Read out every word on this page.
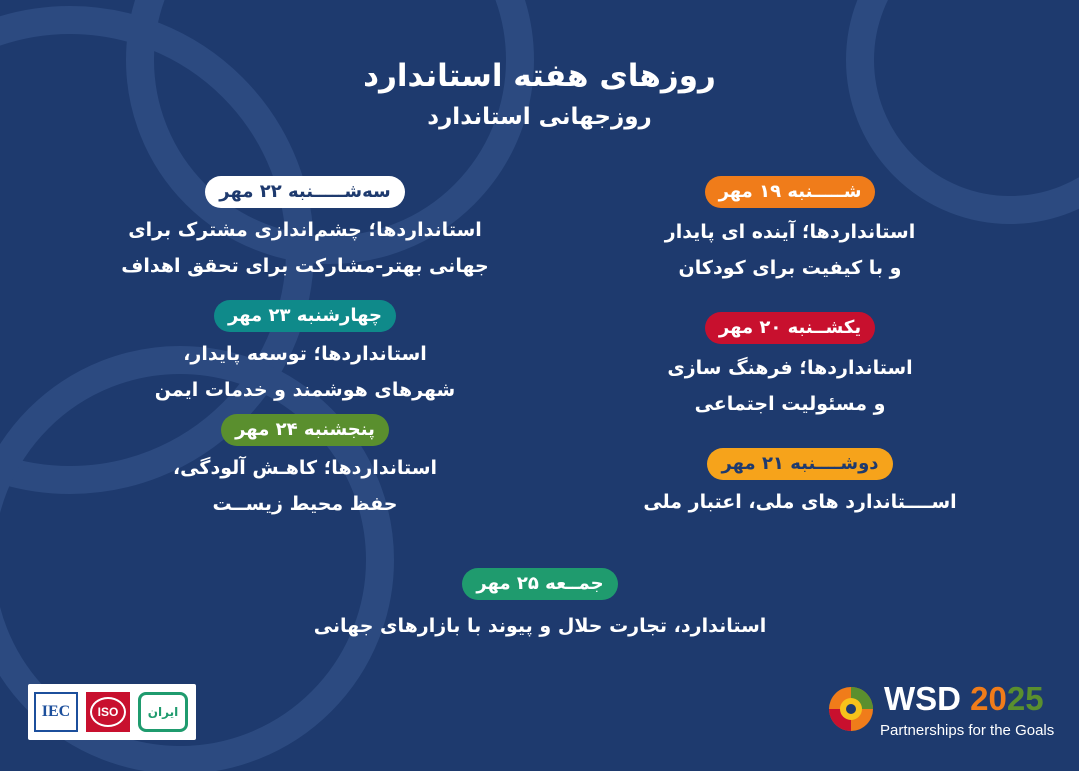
روزهای هفته استاندارد
روزجهانی استاندارد
شـــــنبه ۱۹ مهر
استانداردها؛ آینده ای پایدار
و با کیفیت برای کودکان
یکشــنبه ۲۰ مهر
استانداردها؛ فرهنگ سازی
و مسئولیت اجتماعی
دوشــــنبه ۲۱ مهر
اســــتاندارد های ملی، اعتبار ملی
سه‌شـــــنبه ۲۲ مهر
استانداردها؛ چشم‌اندازی مشترک برای
جهانی بهتر-مشارکت برای تحقق اهداف
چهارشنبه ۲۳ مهر
استانداردها؛ توسعه پایدار،
شهرهای هوشمند و خدمات ایمن
پنجشنبه ۲۴ مهر
استانداردها؛ کاهـش آلودگی،
حفظ محیط زیســت
جمــعه ۲۵ مهر
استاندارد، تجارت حلال و پیوند با بازارهای جهانی
IEC ISO ایران	WSD 2025
Partnerships for the Goals
